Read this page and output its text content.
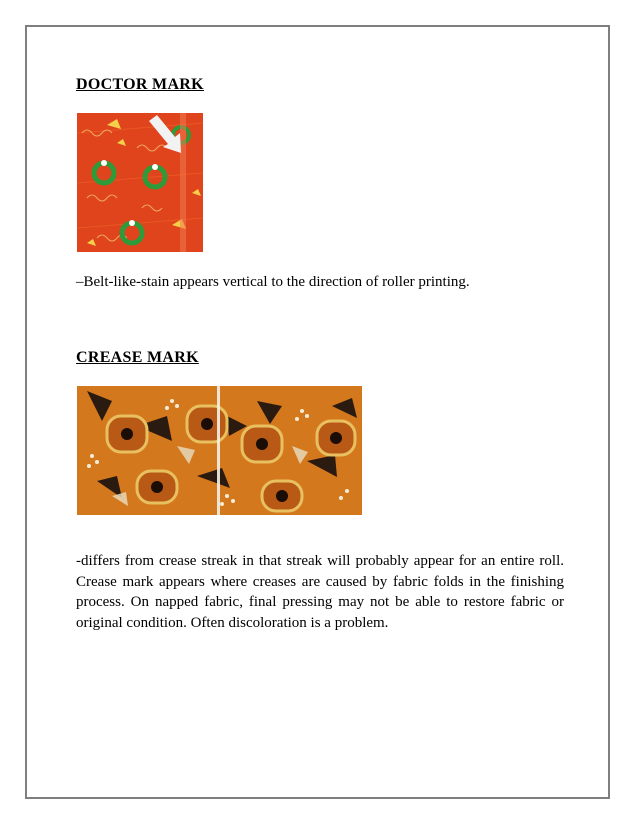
DOCTOR MARK
–Belt-like-stain appears vertical to the direction of roller printing.
CREASE MARK
-differs from crease streak in that streak will probably appear for an entire roll. Crease mark appears where creases are caused by fabric folds in the finishing process. On napped fabric, final pressing may not be able to restore fabric or original condition. Often discoloration is a problem.
